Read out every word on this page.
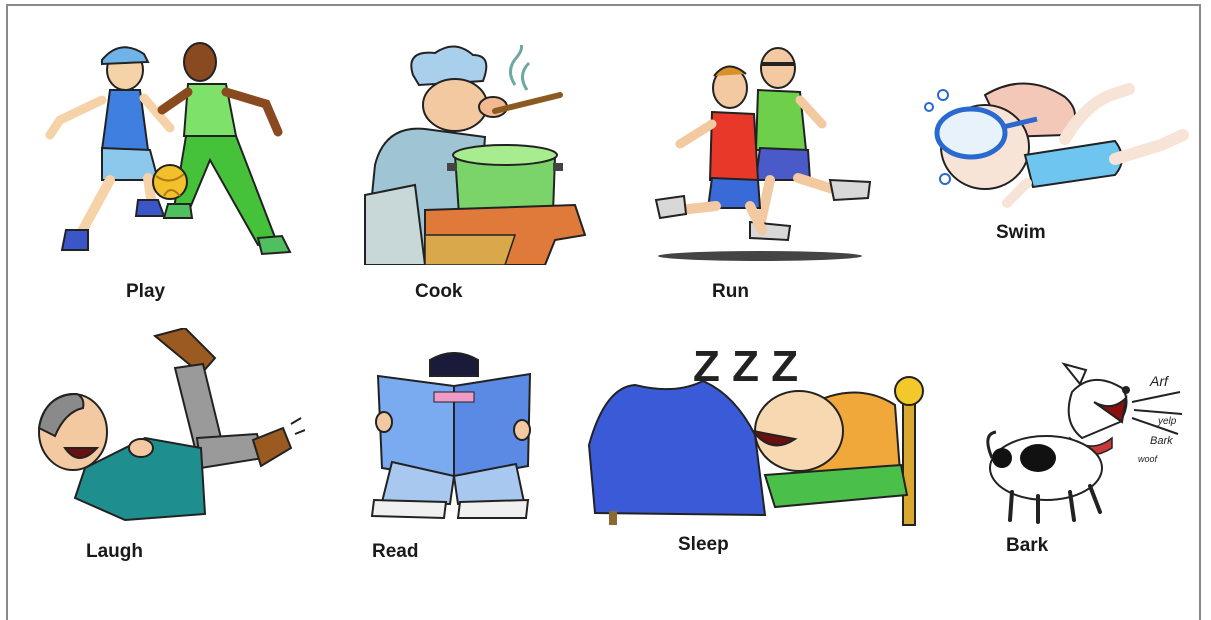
Play	Cook	Run
Swim
Laugh	Read
Z Z Z
Sleep
Arf
yelp
Bark
woof
Bark
